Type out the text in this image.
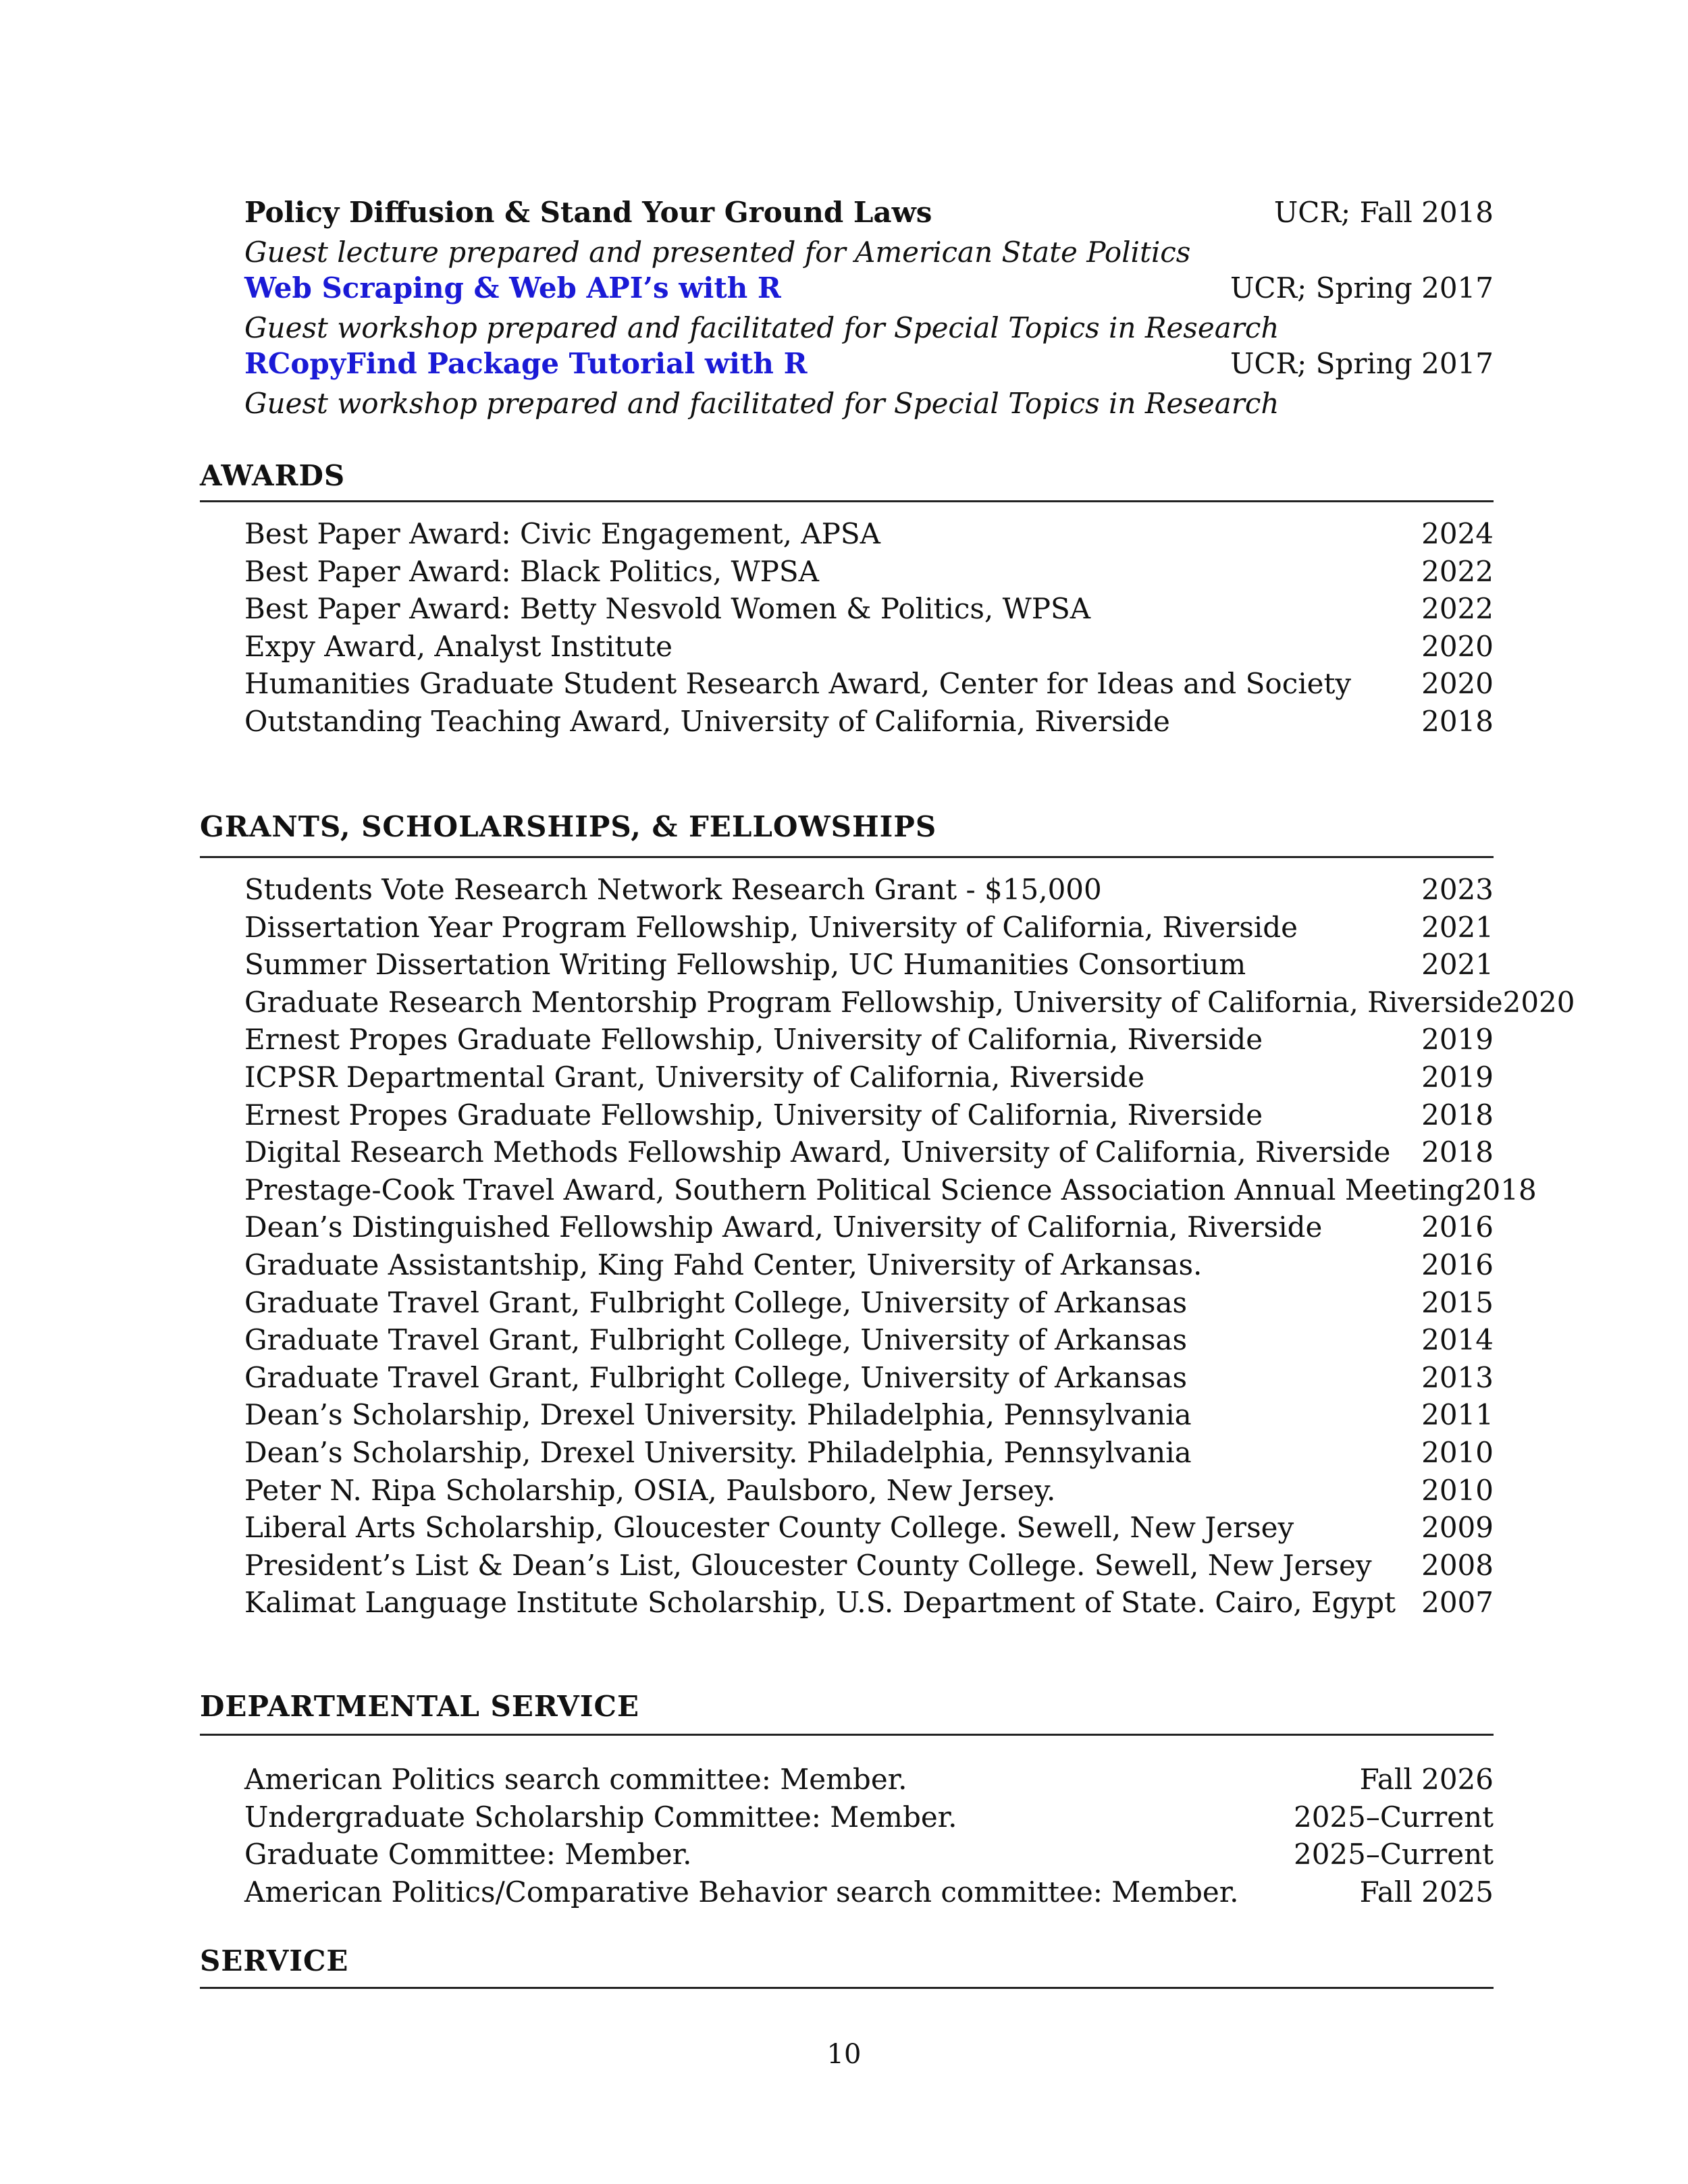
Policy Diffusion & Stand Your Ground Laws	UCR; Fall 2018
Guest lecture prepared and presented for American State Politics
Web Scraping & Web API’s with R	UCR; Spring 2017
Guest workshop prepared and facilitated for Special Topics in Research
RCopyFind Package Tutorial with R	UCR; Spring 2017
Guest workshop prepared and facilitated for Special Topics in Research
AWARDS
Best Paper Award: Civic Engagement, APSA	2024
Best Paper Award: Black Politics, WPSA	2022
Best Paper Award: Betty Nesvold Women & Politics, WPSA	2022
Expy Award, Analyst Institute	2020
Humanities Graduate Student Research Award, Center for Ideas and Society 2020
Outstanding Teaching Award, University of California, Riverside	2018
GRANTS, SCHOLARSHIPS, & FELLOWSHIPS
Students Vote Research Network Research Grant - $15,000	2023
Dissertation Year Program Fellowship, University of California, Riverside	2021
Summer Dissertation Writing Fellowship, UC Humanities Consortium	2021
Graduate Research Mentorship Program Fellowship, University of California, Riverside 2020
Ernest Propes Graduate Fellowship, University of California, Riverside	2019
ICPSR Departmental Grant, University of California, Riverside	2019
Ernest Propes Graduate Fellowship, University of California, Riverside	2018
Digital Research Methods Fellowship Award, University of California, Riverside 2018
Prestage-Cook Travel Award, Southern Political Science Association Annual Meeting 2018
Dean’s Distinguished Fellowship Award, University of California, Riverside	2016
Graduate Assistantship, King Fahd Center, University of Arkansas.	2016
Graduate Travel Grant, Fulbright College, University of Arkansas	2015
Graduate Travel Grant, Fulbright College, University of Arkansas	2014
Graduate Travel Grant, Fulbright College, University of Arkansas	2013
Dean’s Scholarship, Drexel University. Philadelphia, Pennsylvania	2011
Dean’s Scholarship, Drexel University. Philadelphia, Pennsylvania	2010
Peter N. Ripa Scholarship, OSIA, Paulsboro, New Jersey.	2010
Liberal Arts Scholarship, Gloucester County College. Sewell, New Jersey	2009
President’s List & Dean’s List, Gloucester County College. Sewell, New Jersey 2008
Kalimat Language Institute Scholarship, U.S. Department of State. Cairo, Egypt 2007
DEPARTMENTAL SERVICE
American Politics search committee: Member.	Fall 2026
Undergraduate Scholarship Committee: Member.	2025–Current
Graduate Committee: Member.	2025–Current
American Politics/Comparative Behavior search committee: Member.	Fall 2025
SERVICE
10
